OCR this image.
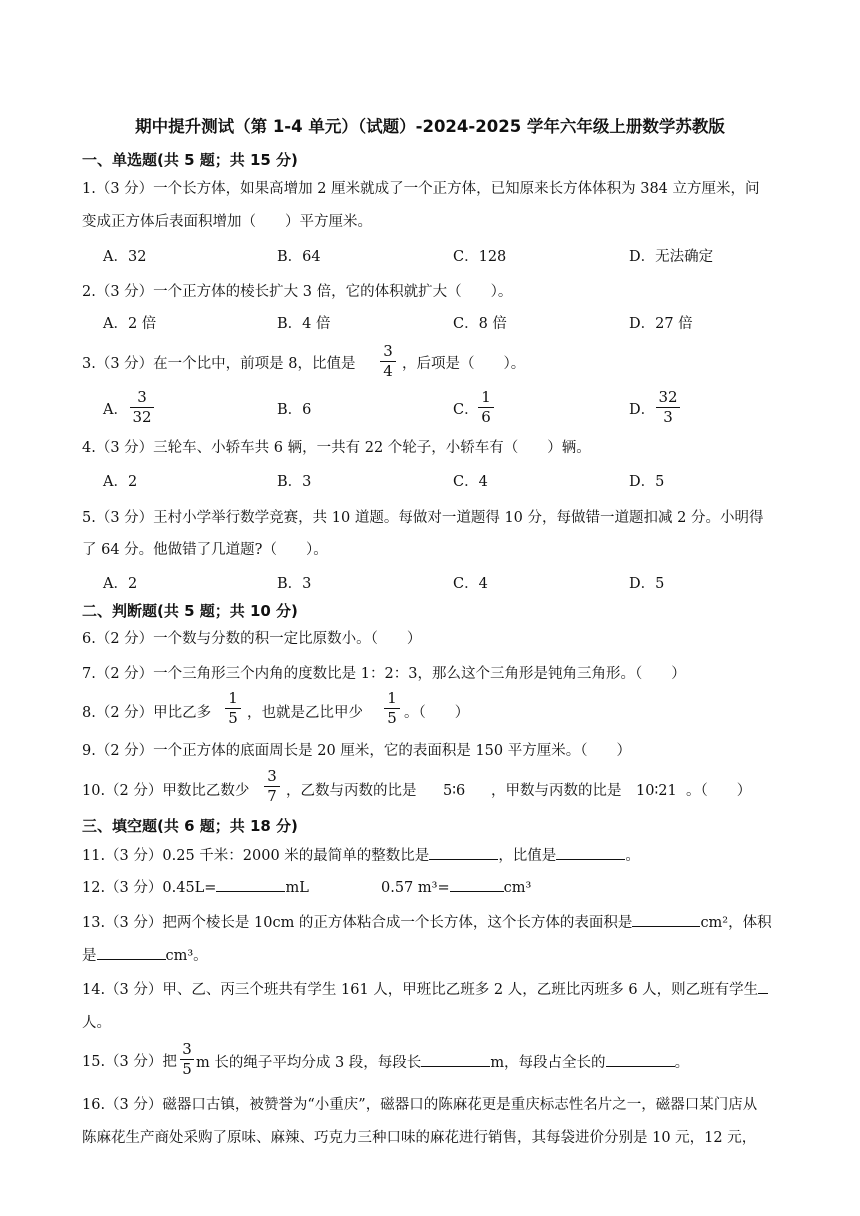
期中提升测试（第 1-4 单元）（试题）-2024-2025 学年六年级上册数学苏教版
一、单选题(共 5 题；共 15 分)
1.（3 分）一个长方体，如果高增加 2 厘米就成了一个正方体，已知原来长方体体积为 384 立方厘米，问
变成正方体后表面积增加（　　）平方厘米。
A．32	B．64	C．128	D．无法确定
2.（3 分）一个正方体的棱长扩大 3 倍，它的体积就扩大（　　）。
A．2 倍	B．4 倍	C．8 倍	D．27 倍
3.（3 分）在一个比中，前项是 8，比值是
3
4 ，后项是（　　）。
A．
3
32	B．6	C．
1
6	D．
32
3
4.（3 分）三轮车、小轿车共 6 辆，一共有 22 个轮子，小轿车有（　　）辆。
A．2	B．3	C．4	D．5
5.（3 分）王村小学举行数学竞赛，共 10 道题。每做对一道题得 10 分，每做错一道题扣减 2 分。小明得
了 64 分。他做错了几道题?（　　）。
A．2	B．3	C．4	D．5
二、判断题(共 5 题；共 10 分)
6.（2 分）一个数与分数的积一定比原数小。（　　）
7.（2 分）一个三角形三个内角的度数比是 1：2：3，那么这个三角形是钝角三角形。（　　）
8.（2 分）甲比乙多
1
5 ，也就是乙比甲少
1
5 。（　　）
9.（2 分）一个正方体的底面周长是 20 厘米，它的表面积是 150 平方厘米。（　　）
10.（2 分）甲数比乙数少
3
7 ，乙数与丙数的比是 5∶6 ，甲数与丙数的比是 10∶21 。（　　）
三、填空题(共 6 题；共 18 分)
11.（3 分）0.25 千米：2000 米的最简单的整数比是	，比值是	。
12.（3 分）0.45L=	mL	0.57 m³=	cm³
13.（3 分）把两个棱长是 10cm 的正方体粘合成一个长方体，这个长方体的表面积是	cm²，体积
是	cm³。
14.（3 分）甲、乙、丙三个班共有学生 161 人，甲班比乙班多 2 人，乙班比丙班多 6 人，则乙班有学生
人。
15.（3 分）把
3
5 m 长的绳子平均分成 3 段，每段长	m，每段占全长的	。
16.（3 分）磁器口古镇，被赞誉为“小重庆”，磁器口的陈麻花更是重庆标志性名片之一，磁器口某门店从
陈麻花生产商处采购了原味、麻辣、巧克力三种口味的麻花进行销售，其每袋进价分别是 10 元，12 元，
